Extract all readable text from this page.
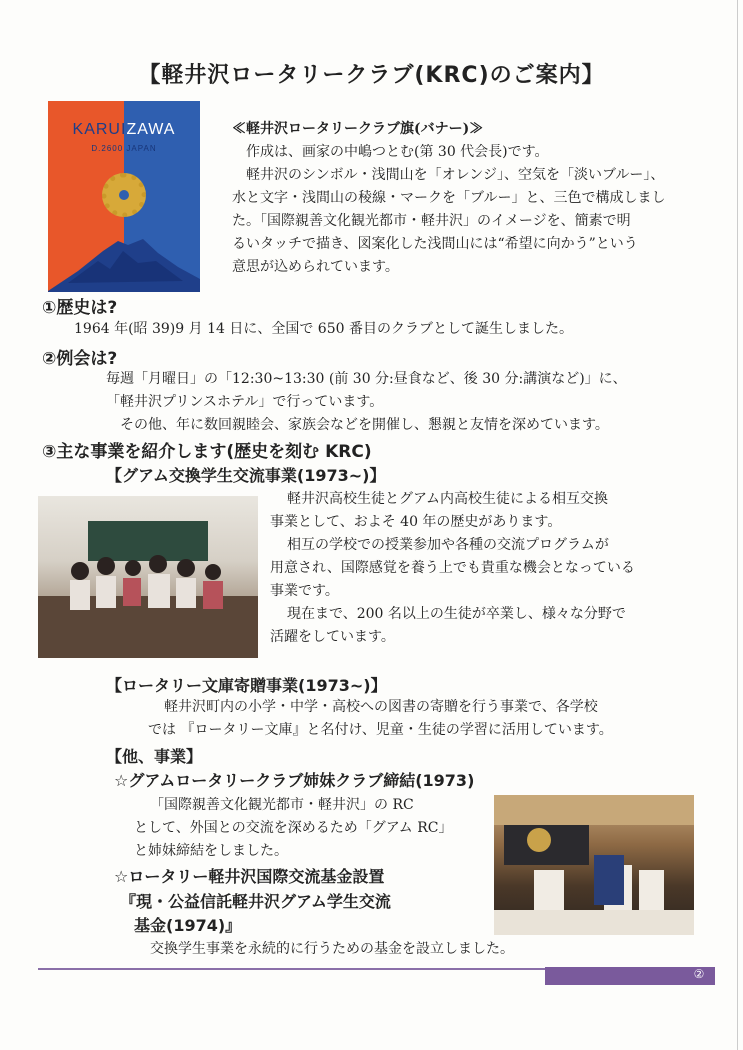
【軽井沢ロータリークラブ(KRC)のご案内】
KARUIZAWA
D.2600 JAPAN
≪軽井沢ロータリークラブ旗(バナー)≫
作成は、画家の中嶋つとむ(第 30 代会長)です。
軽井沢のシンボル・浅間山を「オレンジ」、空気を「淡いブルー」、
水と文字・浅間山の稜線・マークを「ブルー」と、三色で構成しまし
た。「国際親善文化観光都市・軽井沢」のイメージを、簡素で明
るいタッチで描き、図案化した浅間山には“希望に向かう”という
意思が込められています。
①歴史は?
1964 年(昭 39)9 月 14 日に、全国で 650 番目のクラブとして誕生しました。
②例会は?
毎週「月曜日」の「12:30~13:30 (前 30 分:昼食など、後 30 分:講演など)」に、
「軽井沢プリンスホテル」で行っています。
その他、年に数回親睦会、家族会などを開催し、懇親と友情を深めています。
③主な事業を紹介します(歴史を刻む KRC)
【グアム交換学生交流事業(1973~)】
軽井沢高校生徒とグアム内高校生徒による相互交換
事業として、およそ 40 年の歴史があります。
相互の学校での授業参加や各種の交流プログラムが
用意され、国際感覚を養う上でも貴重な機会となっている
事業です。
現在まで、200 名以上の生徒が卒業し、様々な分野で
活躍をしています。
【ロータリー文庫寄贈事業(1973~)】
軽井沢町内の小学・中学・高校への図書の寄贈を行う事業で、各学校
では 『ロータリー文庫』と名付け、児童・生徒の学習に活用しています。
【他、事業】
☆グアムロータリークラブ姉妹クラブ締結(1973)
「国際親善文化観光都市・軽井沢」の RC
として、外国との交流を深めるため「グアム RC」
と姉妹締結をしました。
☆ロータリー軽井沢国際交流基金設置
『現・公益信託軽井沢グアム学生交流
基金(1974)』
交換学生事業を永続的に行うための基金を設立しました。
②
